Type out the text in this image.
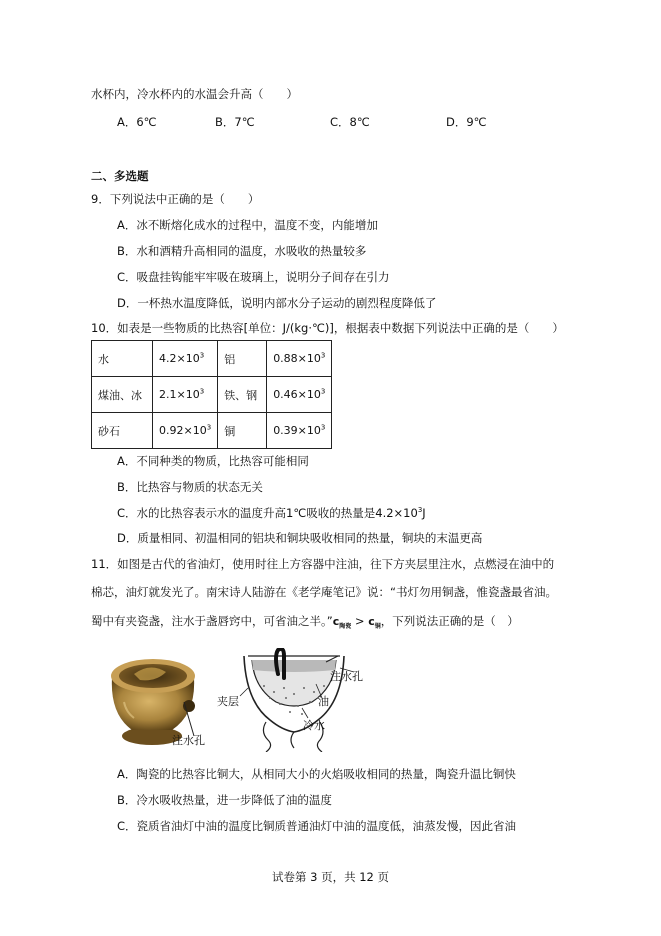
水杯内，冷水杯内的水温会升高（　　）
A．6℃	B．7℃	C．8℃	D．9℃
二、多选题
9．下列说法中正确的是（　　）
A．冰不断熔化成水的过程中，温度不变，内能增加
B．水和酒精升高相同的温度，水吸收的热量较多
C．吸盘挂钩能牢牢吸在玻璃上，说明分子间存在引力
D．一杯热水温度降低，说明内部水分子运动的剧烈程度降低了
10．如表是一些物质的比热容[单位：J/(kg·℃)]，根据表中数据下列说法中正确的是（　　）
水	$4.2\times 10^3$	铝	$0.88\times 10^3$
煤油、冰	$2.1\times 10^3$	铁、钢	$0.46\times 10^3$
砂石	$0.92\times 10^3$	铜	$0.39\times 10^3$
A．不同种类的物质，比热容可能相同
B．比热容与物质的状态无关
C．水的比热容表示水的温度升高1℃吸收的热量是$4.2\times 10^3J$
D．质量相同、初温相同的铝块和铜块吸收相同的热量，铜块的末温更高
11．如图是古代的省油灯，使用时往上方容器中注油，往下方夹层里注水，点燃浸在油中的
棉芯，油灯就发光了。南宋诗人陆游在《老学庵笔记》说：“书灯勿用铜盏，惟瓷盏最省油。
蜀中有夹瓷盏，注水于盏唇窍中，可省油之半。$”c_{陶瓷} > c_铜$，下列说法正确的是（　）
注水孔
注水孔
夹层	油
冷水
A．陶瓷的比热容比铜大，从相同大小的火焰吸收相同的热量，陶瓷升温比铜快
B．冷水吸收热量，进一步降低了油的温度
C．瓷质省油灯中油的温度比铜质普通油灯中油的温度低，油蒸发慢，因此省油
试卷第 3 页，共 12 页
